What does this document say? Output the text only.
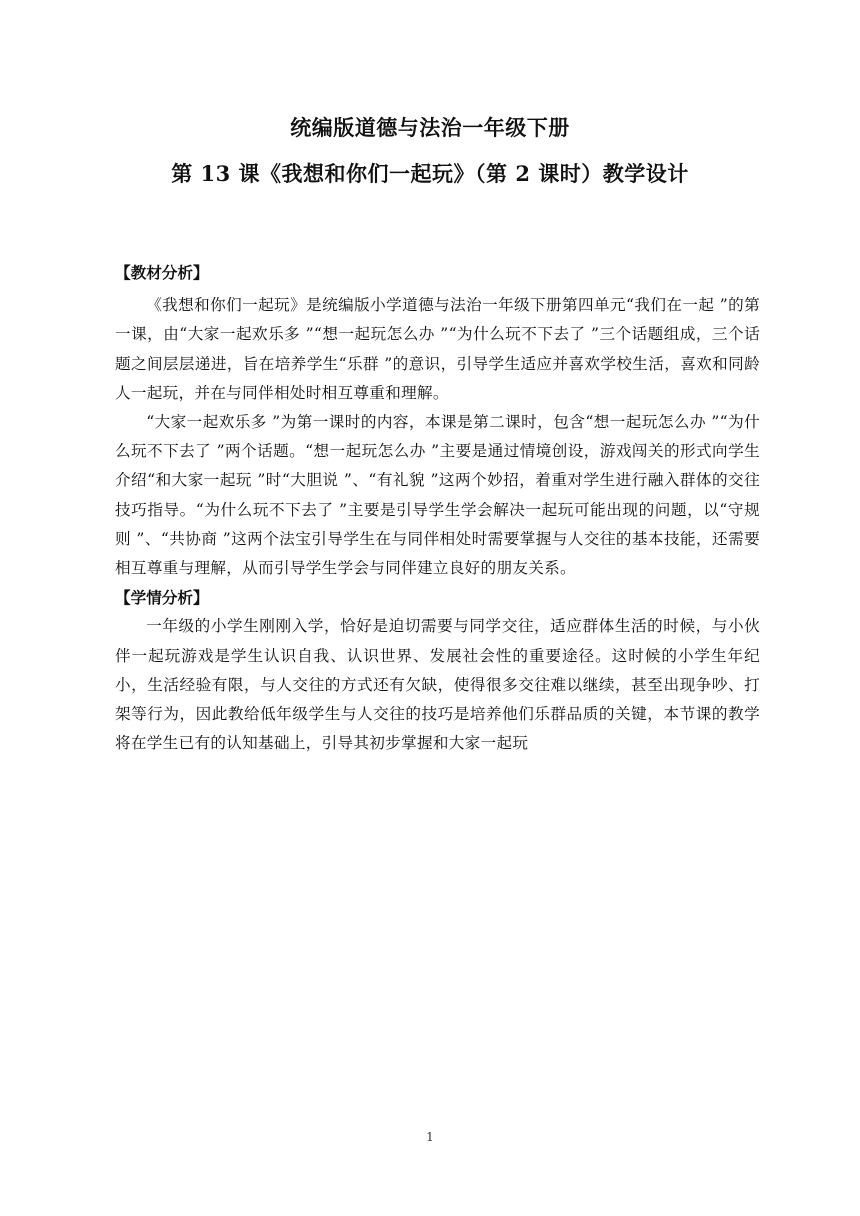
统编版道德与法治一年级下册
第 13 课《我想和你们一起玩》（第 2 课时）教学设计

【教材分析】

《我想和你们一起玩》是统编版小学道德与法治一年级下册第四单元“我们在一起 ”的第一课，由“大家一起欢乐多 ”“想一起玩怎么办 ”“为什么玩不下去了 ”三个话题组成，三个话题之间层层递进，旨在培养学生“乐群 ”的意识，引导学生适应并喜欢学校生活，喜欢和同龄人一起玩，并在与同伴相处时相互尊重和理解。

“大家一起欢乐多 ”为第一课时的内容，本课是第二课时，包含“想一起玩怎么办 ”“为什么玩不下去了 ”两个话题。“想一起玩怎么办 ”主要是通过情境创设，游戏闯关的形式向学生介绍“和大家一起玩 ”时“大胆说 ”、“有礼貌 ”这两个妙招，着重对学生进行融入群体的交往技巧指导。“为什么玩不下去了 ”主要是引导学生学会解决一起玩可能出现的问题，以“守规则 ”、“共协商 ”这两个法宝引导学生在与同伴相处时需要掌握与人交往的基本技能，还需要相互尊重与理解，从而引导学生学会与同伴建立良好的朋友关系。

【学情分析】

一年级的小学生刚刚入学，恰好是迫切需要与同学交往，适应群体生活的时候，与小伙伴一起玩游戏是学生认识自我、认识世界、发展社会性的重要途径。这时候的小学生年纪小，生活经验有限，与人交往的方式还有欠缺，使得很多交往难以继续，甚至出现争吵、打架等行为，因此教给低年级学生与人交往的技巧是培养他们乐群品质的关键，本节课的教学将在学生已有的认知基础上，引导其初步掌握和大家一起玩

1
